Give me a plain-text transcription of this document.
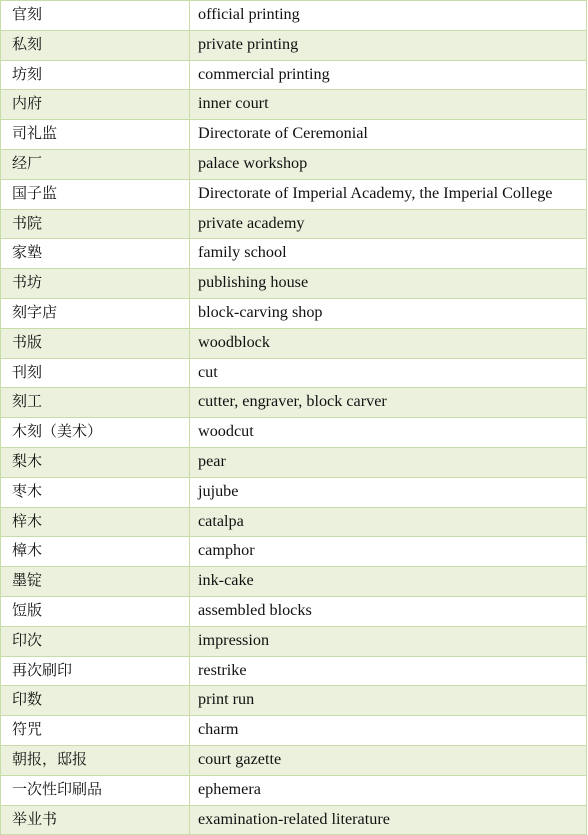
官刻	official printing
私刻	private printing
坊刻	commercial printing
内府	inner court
司礼监	Directorate of Ceremonial
经厂	palace workshop
国子监	Directorate of Imperial Academy, the Imperial College
书院	private academy
家塾	family school
书坊	publishing house
刻字店	block-carving shop
书版	woodblock
刊刻	cut
刻工	cutter, engraver, block carver
木刻（美术）	woodcut
梨木	pear
枣木	jujube
梓木	catalpa
樟木	camphor
墨锭	ink-cake
饾版	assembled blocks
印次	impression
再次刷印	restrike
印数	print run
符咒	charm
朝报，邸报	court gazette
一次性印刷品	ephemera
举业书	examination-related literature
